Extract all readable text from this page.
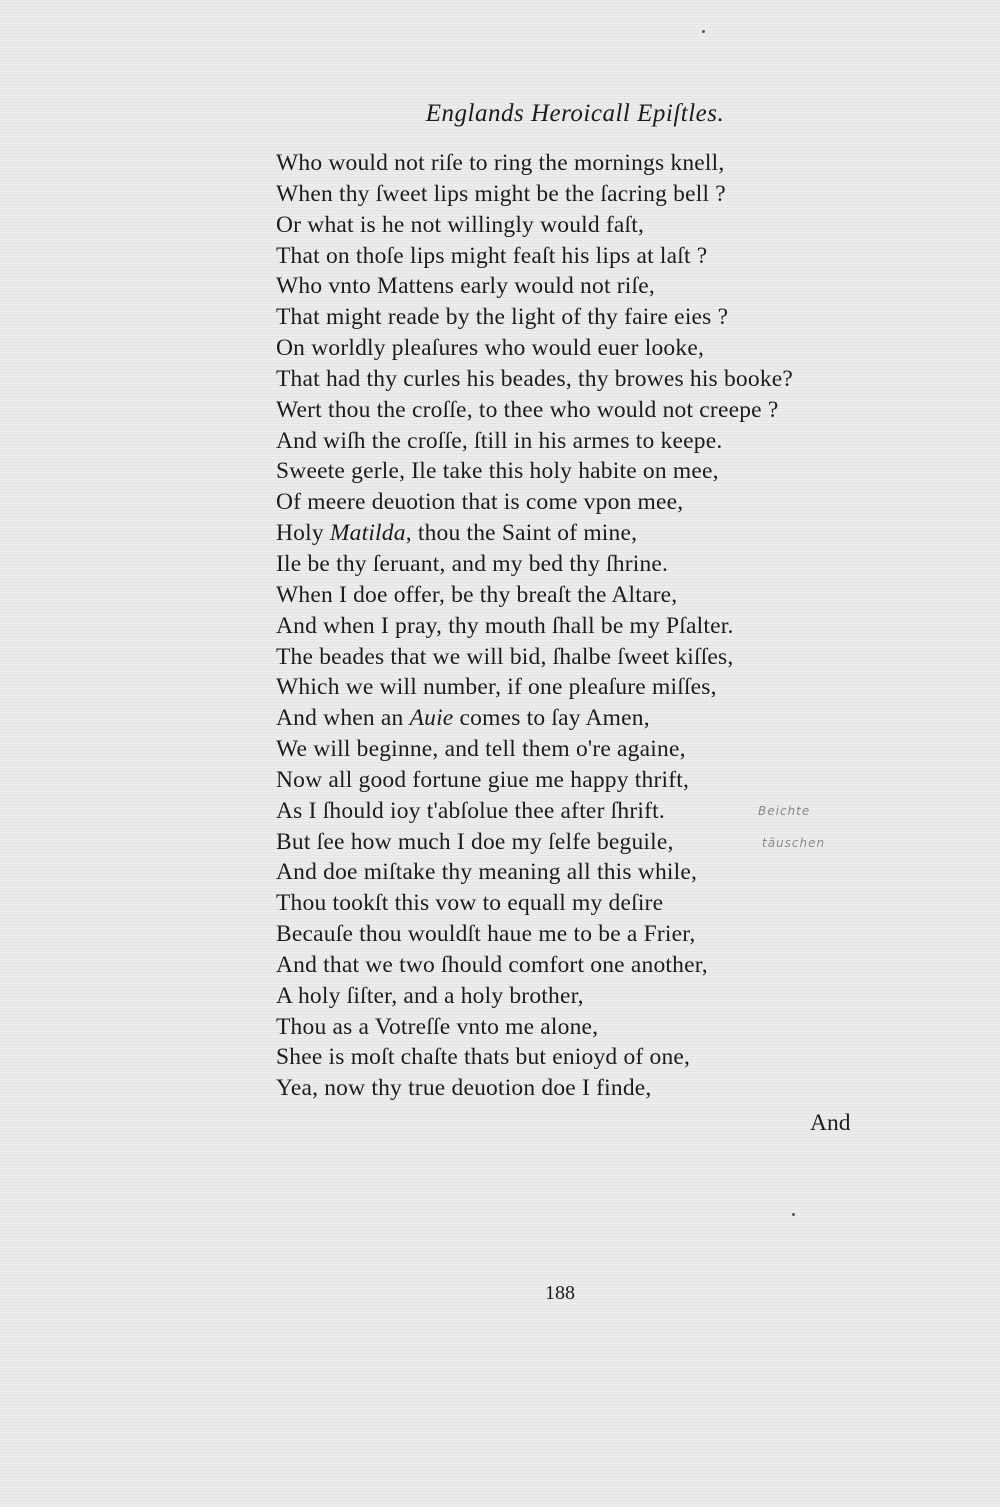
Englands Heroicall Epiſtles.
Who would not riſe to ring the mornings knell,
When thy ſweet lips might be the ſacring bell ?
Or what is he not willingly would faſt,
That on thoſe lips might feaſt his lips at laſt ?
Who vnto Mattens early would not riſe,
That might reade by the light of thy faire eies ?
On worldly pleaſures who would euer looke,
That had thy curles his beades, thy browes his booke?
Wert thou the croſſe, to thee who would not creepe ?
And wiſh the croſſe, ſtill in his armes to keepe.
Sweete gerle, Ile take this holy habite on mee,
Of meere deuotion that is come vpon mee,
Holy Matilda, thou the Saint of mine,
Ile be thy ſeruant, and my bed thy ſhrine.
When I doe offer, be thy breaſt the Altare,
And when I pray, thy mouth ſhall be my Pſalter.
The beades that we will bid, ſhalbe ſweet kiſſes,
Which we will number, if one pleaſure miſſes,
And when an Auie comes to ſay Amen,
We will beginne, and tell them o're againe,
Now all good fortune giue me happy thrift,
As I ſhould ioy t'abſolue thee after ſhrift.
But ſee how much I doe my ſelfe beguile,
And doe miſtake thy meaning all this while,
Thou tookſt this vow to equall my deſire
Becauſe thou wouldſt haue me to be a Frier,
And that we two ſhould comfort one another,
A holy ſiſter, and a holy brother,
Thou as a Votreſſe vnto me alone,
Shee is moſt chaſte thats but enioyd of one,
Yea, now thy true deuotion doe I finde,
Beichte
täuschen
And
188
